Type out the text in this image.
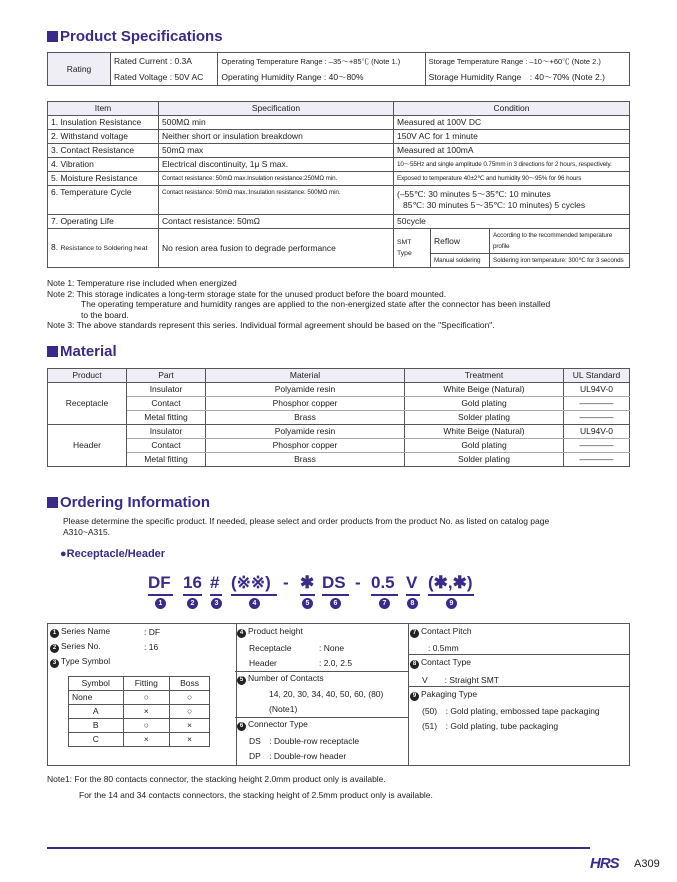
Product Specifications
Rating	Rated Current : 0.3A	Operating Temperature Range : –35～+85℃ (Note 1.)	Storage Temperature Range : –10～+60℃ (Note 2.)
	Rated Voltage : 50V AC	Operating Humidity Range : 40～80%	Storage Humidity Range　: 40～70% (Note 2.)
Item	Specification	Condition		
1. Insulation Resistance	500MΩ min	Measured at 100V DC		
2. Withstand voltage	Neither short or insulation breakdown	150V AC for 1 minute		
3. Contact Resistance	50mΩ max	Measured at 100mA		
4. Vibration	Electrical discontinuity, 1μ S max.	10～55Hz and single amplitude 0.75mm in 3 directions for 2 hours, respectively.		
5. Moisture Resistance	Contact resistance: 50mΩ max.Insulation resistance:250MΩ min.	Exposed to temperature 40±2℃ and humidity 90～95% for 96 hours		
6. Temperature Cycle	Contact resistance: 50mΩ max.:Insulation resistance: 500MΩ min.	(–55℃: 30 minutes 5～35℃: 10 minutes
85℃: 30 minutes 5～35℃: 10 minutes) 5 cycles		

7. Operating Life	Contact resistance: 50mΩ	50cycle		
8. Resistance to Soldering heat	No resion area fusion to degrade performance	SMT Type	Reflow	According to the recommended temperature profile
			Manual soldering	Soldering iron temperature: 300℃ for 3 seconds
Note 1: Temperature rise included when energized
Note 2: This storage indicates a long-term storage state for the unused product before the board mounted.
The operating temperature and humidity ranges are applied to the non-energized state after the connector has been installed
to the board.
Note 3: The above standards represent this series. Individual formal agreement should be based on the "Specification".
Material
Product	Part	Material	Treatment	UL Standard
Receptacle	Insulator	Polyamide resin	White Beige (Natural)	UL94V-0
	Contact	Phosphor copper	Gold plating	――――
	Metal fitting	Brass	Solder plating	――――
Header	Insulator	Polyamide resin	White Beige (Natural)	UL94V-0
	Contact	Phosphor copper	Gold plating	――――
	Metal fitting	Brass	Solder plating	――――
Ordering Information
Please determine the specific product. If needed, please select and order products from the product No. as listed on catalog page
A310~A315.
●Receptacle/Header
DF 16 # (※※) - ✱ DS - 0.5 V (✱,✱)
1	2	3	4	5	6	7	8	9
1 Series Name	: DF
2 Series No.	: 16
3 Type Symbol
Symbol	Fitting	Boss
None	○	○
A	×	○
B	○	×
C	×	×
4 Product height
Receptacle	: None
Header	: 2.0, 2.5
5 Number of Contacts
14, 20, 30, 34, 40, 50, 60, (80)
(Note1)
6 Connector Type
DS　: Double-row receptacle
DP　: Double-row header
7 Contact Pitch
: 0.5mm
8 Contact Type
V　　: Straight SMT
9 Pakaging Type
(50)　: Gold plating, embossed tape packaging
(51)　: Gold plating, tube packaging
Note1: For the 80 contacts connector, the stacking height 2.0mm product only is available.
For the 14 and 34 contacts connectors, the stacking height of 2.5mm product only is available.
HRS A309
